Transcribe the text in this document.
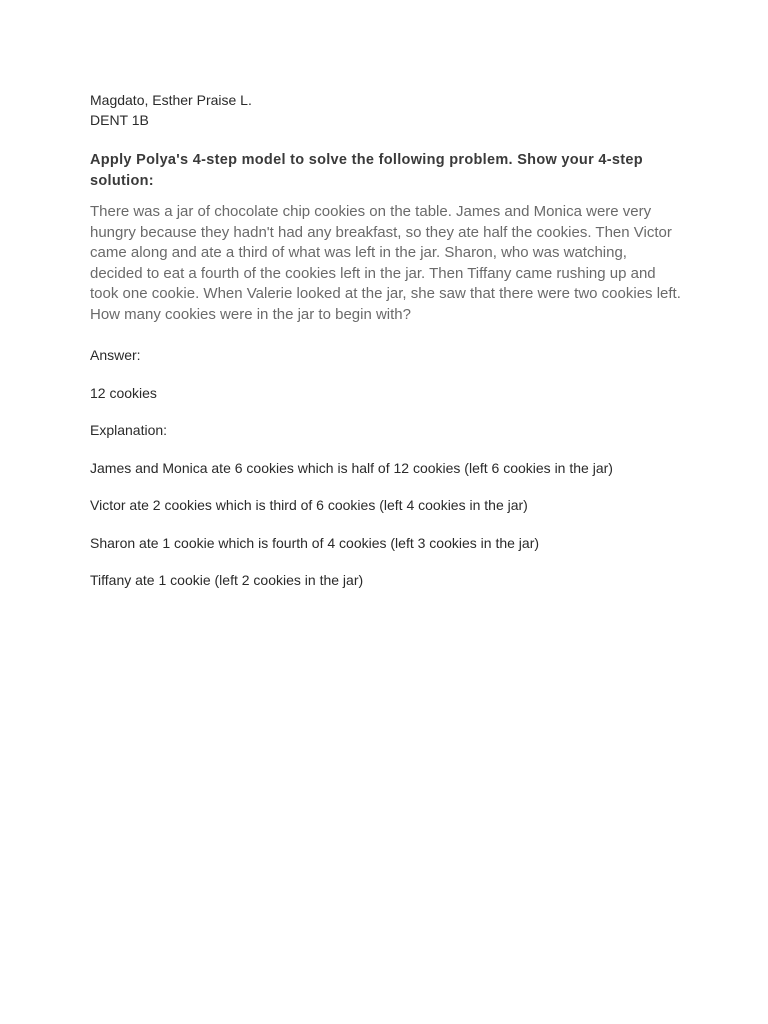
Magdato, Esther Praise L.
DENT 1B
Apply Polya's 4-step model to solve the following problem. Show your 4-step solution:
There was a jar of chocolate chip cookies on the table. James and Monica were very hungry because they hadn't had any breakfast, so they ate half the cookies. Then Victor came along and ate a third of what was left in the jar. Sharon, who was watching, decided to eat a fourth of the cookies left in the jar. Then Tiffany came rushing up and took one cookie. When Valerie looked at the jar, she saw that there were two cookies left. How many cookies were in the jar to begin with?

Answer:

12 cookies

Explanation:

James and Monica ate 6 cookies which is half of 12 cookies (left 6 cookies in the jar)

Victor ate 2 cookies which is third of 6 cookies (left 4 cookies in the jar)

Sharon ate 1 cookie which is fourth of 4 cookies (left 3 cookies in the jar)

Tiffany ate 1 cookie (left 2 cookies in the jar)
